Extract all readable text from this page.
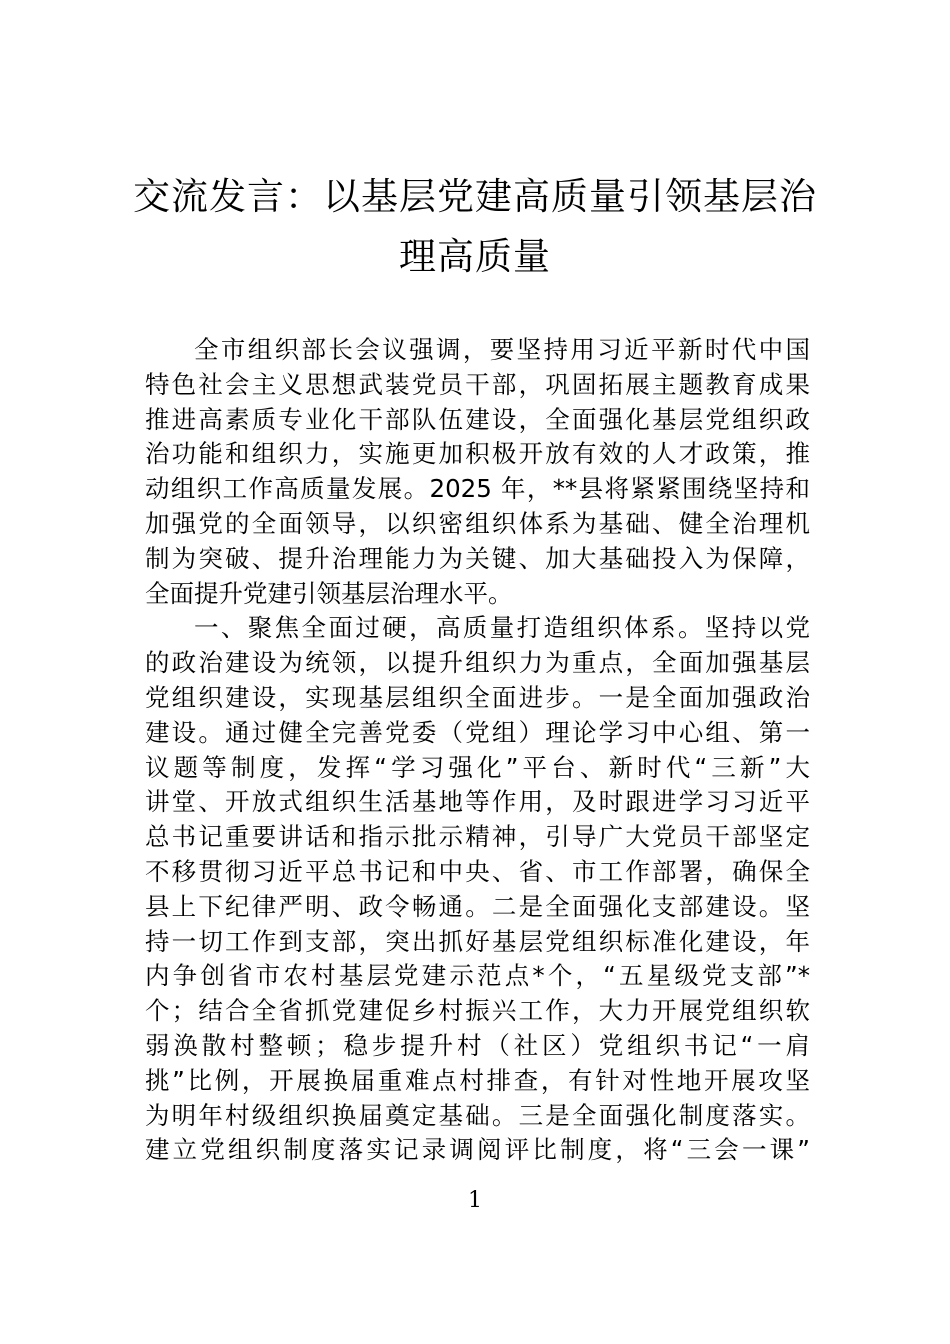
交流发言：以基层党建高质量引领基层治
理高质量
全市组织部长会议强调，要坚持用习近平新时代中国
特色社会主义思想武装党员干部，巩固拓展主题教育成果
推进高素质专业化干部队伍建设，全面强化基层党组织政
治功能和组织力，实施更加积极开放有效的人才政策，推
动组织工作高质量发展。2025 年，**县将紧紧围绕坚持和
加强党的全面领导，以织密组织体系为基础、健全治理机
制为突破、提升治理能力为关键、加大基础投入为保障，
全面提升党建引领基层治理水平。
一、聚焦全面过硬，高质量打造组织体系。坚持以党
的政治建设为统领，以提升组织力为重点，全面加强基层
党组织建设，实现基层组织全面进步。一是全面加强政治
建设。通过健全完善党委（党组）理论学习中心组、第一
议题等制度，发挥“学习强化”平台、新时代“三新”大
讲堂、开放式组织生活基地等作用，及时跟进学习习近平
总书记重要讲话和指示批示精神，引导广大党员干部坚定
不移贯彻习近平总书记和中央、省、市工作部署，确保全
县上下纪律严明、政令畅通。二是全面强化支部建设。坚
持一切工作到支部，突出抓好基层党组织标准化建设，年
内争创省市农村基层党建示范点*个，“五星级党支部”*
个；结合全省抓党建促乡村振兴工作，大力开展党组织软
弱涣散村整顿；稳步提升村（社区）党组织书记“一肩
挑”比例，开展换届重难点村排查，有针对性地开展攻坚
为明年村级组织换届奠定基础。三是全面强化制度落实。
建立党组织制度落实记录调阅评比制度，将“三会一课”
1
